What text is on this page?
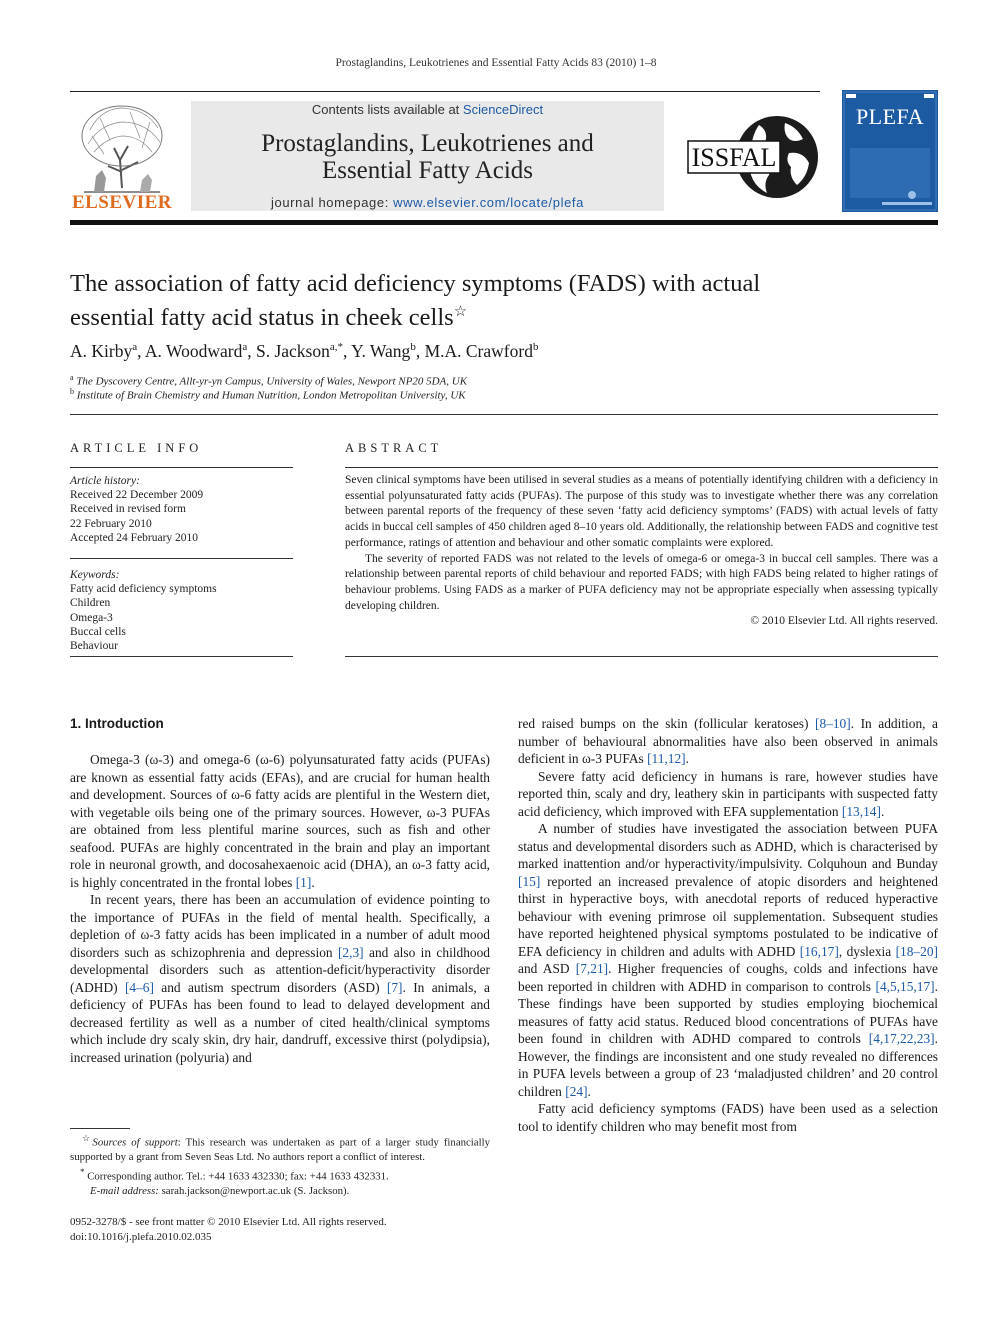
Prostaglandins, Leukotrienes and Essential Fatty Acids 83 (2010) 1–8
ELSEVIER
Contents lists available at ScienceDirect
Prostaglandins, Leukotrienes and
Essential Fatty Acids
journal homepage: www.elsevier.com/locate/plefa
ISSFAL
PLEFA
The association of fatty acid deficiency symptoms (FADS) with actual
essential fatty acid status in cheek cells☆
A. Kirby$^a$, A. Woodward$^a$, S. Jackson$^{a,*}$, Y. Wang$^b$, M.A. Crawford$^b$
$^a$ The Dyscovery Centre, Allt-yr-yn Campus, University of Wales, Newport NP20 5DA, UK
$^b$ Institute of Brain Chemistry and Human Nutrition, London Metropolitan University, UK
ARTICLE INFO
Article history:
Received 22 December 2009
Received in revised form
22 February 2010
Accepted 24 February 2010
Keywords:
Fatty acid deficiency symptoms
Children
Omega-3
Buccal cells
Behaviour
ABSTRACT

Seven clinical symptoms have been utilised in several studies as a means of potentially identifying children with a deficiency in essential polyunsaturated fatty acids (PUFAs). The purpose of this study was to investigate whether there was any correlation between parental reports of the frequency of these seven ‘fatty acid deficiency symptoms’ (FADS) with actual levels of fatty acids in buccal cell samples of 450 children aged 8–10 years old. Additionally, the relationship between FADS and cognitive test performance, ratings of attention and behaviour and other somatic complaints were explored.

The severity of reported FADS was not related to the levels of omega-6 or omega-3 in buccal cell samples. There was a relationship between parental reports of child behaviour and reported FADS; with high FADS being related to higher ratings of behaviour problems. Using FADS as a marker of PUFA deficiency may not be appropriate especially when assessing typically developing children.

© 2010 Elsevier Ltd. All rights reserved.

1. Introduction

Omega-3 (ω-3) and omega-6 (ω-6) polyunsaturated fatty acids (PUFAs) are known as essential fatty acids (EFAs), and are crucial for human health and development. Sources of ω-6 fatty acids are plentiful in the Western diet, with vegetable oils being one of the primary sources. However, ω-3 PUFAs are obtained from less plentiful marine sources, such as fish and other seafood. PUFAs are highly concentrated in the brain and play an important role in neuronal growth, and docosahexaenoic acid (DHA), an ω-3 fatty acid, is highly concentrated in the frontal lobes [1].

In recent years, there has been an accumulation of evidence pointing to the importance of PUFAs in the field of mental health. Specifically, a depletion of ω-3 fatty acids has been implicated in a number of adult mood disorders such as schizophrenia and depression [2,3] and also in childhood developmental disorders such as attention-deficit/hyperactivity disorder (ADHD) [4–6] and autism spectrum disorders (ASD) [7]. In animals, a deficiency of PUFAs has been found to lead to delayed development and decreased fertility as well as a number of cited health/clinical symptoms which include dry scaly skin, dry hair, dandruff, excessive thirst (polydipsia), increased urination (polyuria) and

red raised bumps on the skin (follicular keratoses) [8–10]. In addition, a number of behavioural abnormalities have also been observed in animals deficient in ω-3 PUFAs [11,12].

Severe fatty acid deficiency in humans is rare, however studies have reported thin, scaly and dry, leathery skin in participants with suspected fatty acid deficiency, which improved with EFA supplementation [13,14].

A number of studies have investigated the association between PUFA status and developmental disorders such as ADHD, which is characterised by marked inattention and/or hyperactivity/impulsivity. Colquhoun and Bunday [15] reported an increased prevalence of atopic disorders and heightened thirst in hyperactive boys, with anecdotal reports of reduced hyperactive behaviour with evening primrose oil supplementation. Subsequent studies have reported heightened physical symptoms postulated to be indicative of EFA deficiency in children and adults with ADHD [16,17], dyslexia [18–20] and ASD [7,21]. Higher frequencies of coughs, colds and infections have been reported in children with ADHD in comparison to controls [4,5,15,17]. These findings have been supported by studies employing biochemical measures of fatty acid status. Reduced blood concentrations of PUFAs have been found in children with ADHD compared to controls [4,17,22,23]. However, the findings are inconsistent and one study revealed no differences in PUFA levels between a group of 23 ‘maladjusted children’ and 20 control children [24].

Fatty acid deficiency symptoms (FADS) have been used as a selection tool to identify children who may benefit most from

☆Sources of support: This research was undertaken as part of a larger study financially supported by a grant from Seven Seas Ltd. No authors report a conflict of interest.

* Corresponding author. Tel.: +44 1633 432330; fax: +44 1633 432331.

E-mail address: sarah.jackson@newport.ac.uk (S. Jackson).

0952-3278/$ - see front matter © 2010 Elsevier Ltd. All rights reserved.
doi:10.1016/j.plefa.2010.02.035
